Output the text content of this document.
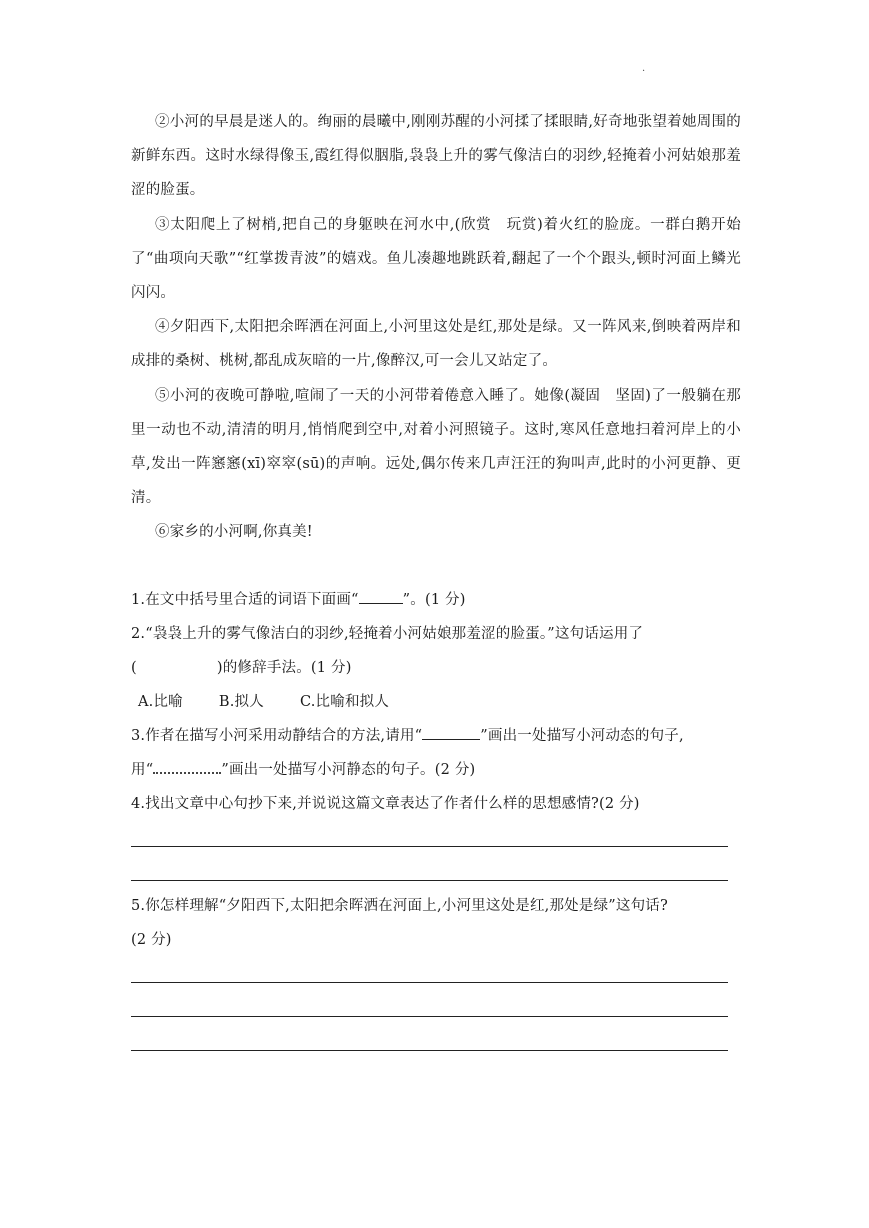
·
②小河的早晨是迷人的。绚丽的晨曦中,刚刚苏醒的小河揉了揉眼睛,好奇地张望着她周围的新鲜东西。这时水绿得像玉,霞红得似胭脂,袅袅上升的雾气像洁白的羽纱,轻掩着小河姑娘那羞涩的脸蛋。
③太阳爬上了树梢,把自己的身躯映在河水中,(欣赏　玩赏)着火红的脸庞。一群白鹅开始了“曲项向天歌”“红掌拨青波”的嬉戏。鱼儿凑趣地跳跃着,翻起了一个个跟头,顿时河面上鳞光闪闪。
④夕阳西下,太阳把余晖洒在河面上,小河里这处是红,那处是绿。又一阵风来,倒映着两岸和成排的桑树、桃树,都乱成灰暗的一片,像醉汉,可一会儿又站定了。
⑤小河的夜晚可静啦,喧闹了一天的小河带着倦意入睡了。她像(凝固　坚固)了一般躺在那里一动也不动,清清的明月,悄悄爬到空中,对着小河照镜子。这时,寒风任意地扫着河岸上的小草,发出一阵窸窸(xī)窣窣(sū)的声响。远处,偶尔传来几声汪汪的狗叫声,此时的小河更静、更清。
⑥家乡的小河啊,你真美!
1.在文中括号里合适的词语下面画“	”。(1 分)
2.“袅袅上升的雾气像洁白的羽纱,轻掩着小河姑娘那羞涩的脸蛋。”这句话运用了
(	)的修辞手法。(1 分)
A.比喻 B.拟人 C.比喻和拟人
3.作者在描写小河采用动静结合的方法,请用“	”画出一处描写小河动态的句子,
用“	”画出一处描写小河静态的句子。(2 分)
4.找出文章中心句抄下来,并说说这篇文章表达了作者什么样的思想感情?(2 分)
5.你怎样理解“夕阳西下,太阳把余晖洒在河面上,小河里这处是红,那处是绿”这句话?
(2 分)
